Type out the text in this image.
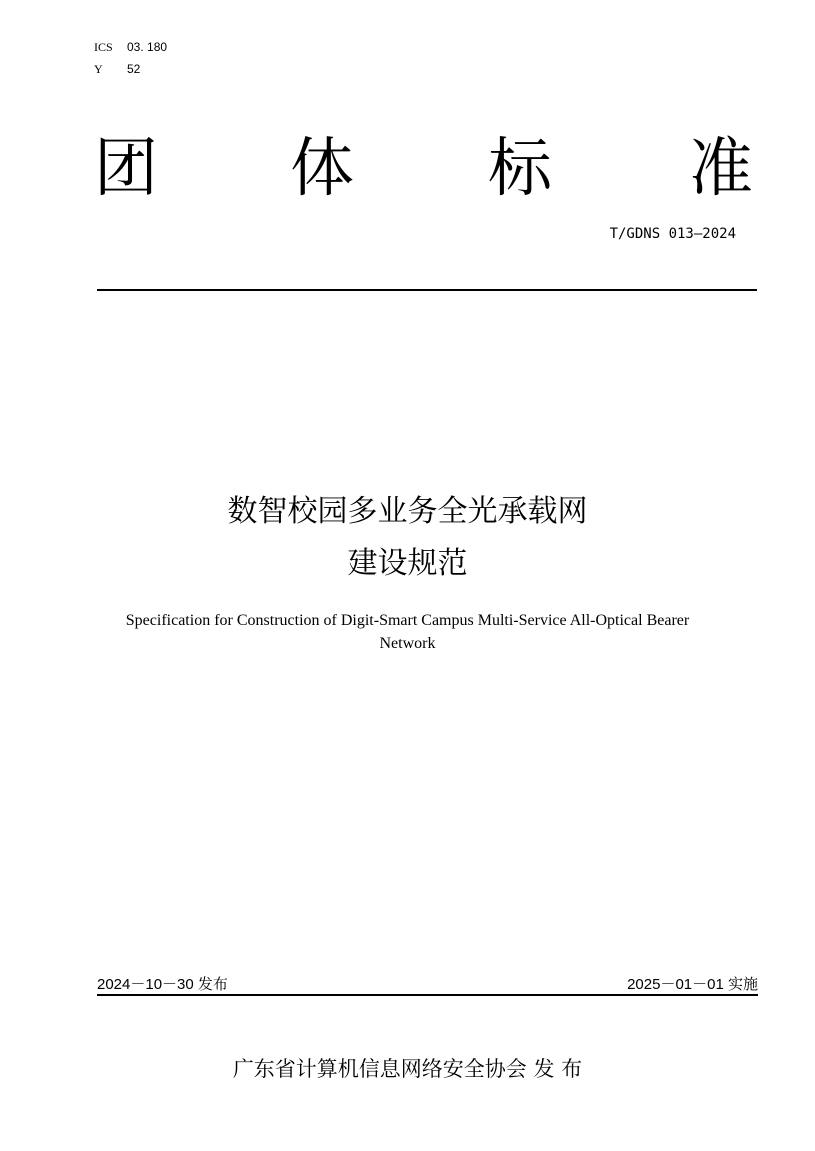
ICS 03. 180
Y 52
团 体 标 准
T/GDNS 013—2024
数智校园多业务全光承载网
建设规范
Specification for Construction of Digit-Smart Campus Multi-Service All-Optical Bearer Network
2024－10－30 发布	2025－01－01 实施
广东省计算机信息网络安全协会 发 布
